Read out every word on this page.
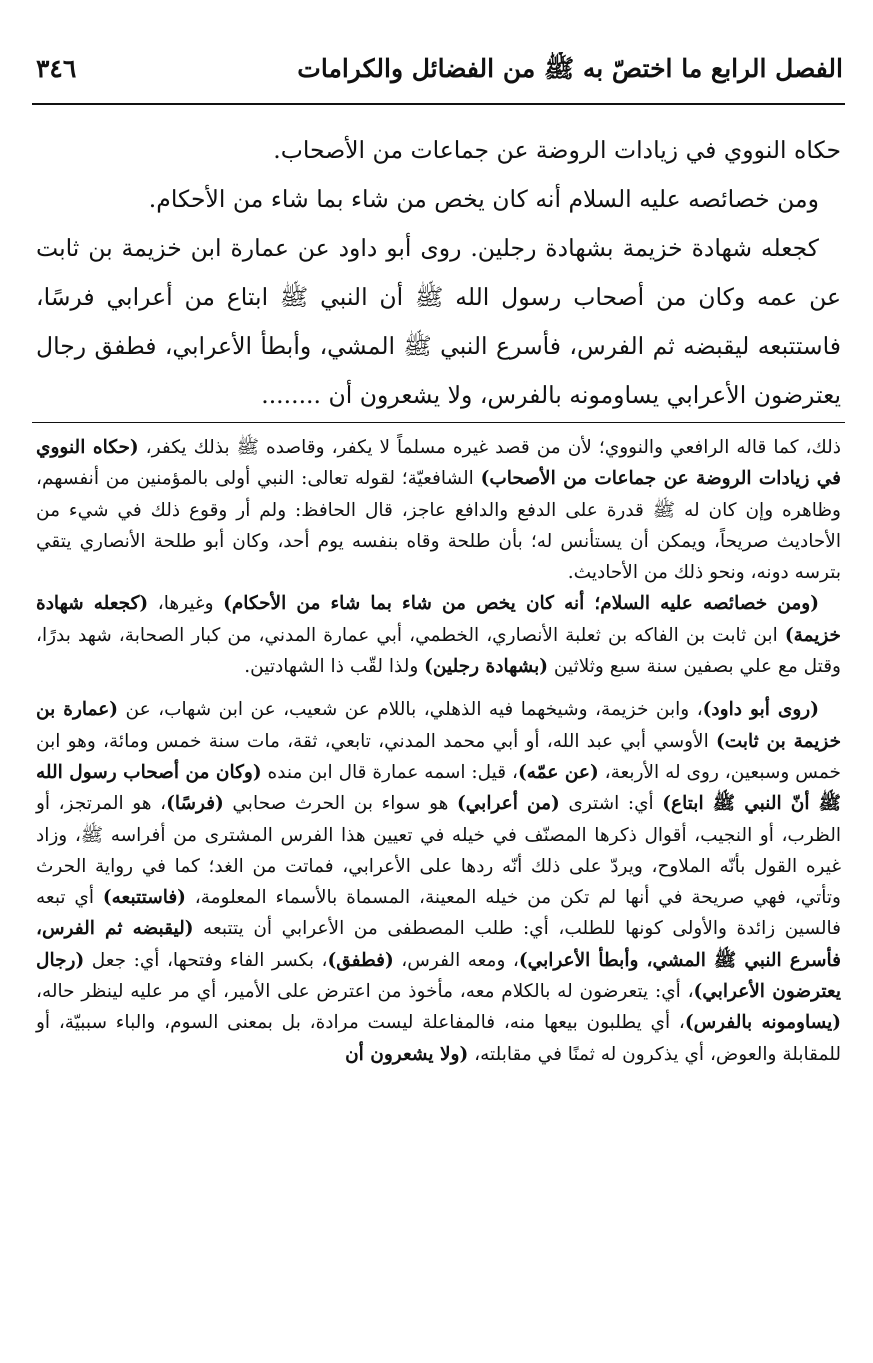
الفصل الرابع ما اختصّ به ﷺ من الفضائل والكرامات
٣٤٦

حكاه النووي في زيادات الروضة عن جماعات من الأصحاب.

ومن خصائصه عليه السلام أنه كان يخص من شاء بما شاء من الأحكام.

كجعله شهادة خزيمة بشهادة رجلين. روى أبو داود عن عمارة ابن خزيمة بن ثابت عن عمه وكان من أصحاب رسول الله ﷺ أن النبي ﷺ ابتاع من أعرابي فرسًا، فاستتبعه ليقبضه ثم الفرس، فأسرع النبي ﷺ المشي، وأبطأ الأعرابي، فطفق رجال يعترضون الأعرابي يساومونه بالفرس، ولا يشعرون أن ........

ذلك، كما قاله الرافعي والنووي؛ لأن من قصد غيره مسلماً لا يكفر، وقاصده ﷺ بذلك يكفر، (حكاه النووي في زيادات الروضة عن جماعات من الأصحاب) الشافعيّة؛ لقوله تعالى: النبي أولى بالمؤمنين من أنفسهم، وظاهره وإن كان له ﷺ قدرة على الدفع والدافع عاجز، قال الحافظ: ولم أر وقوع ذلك في شيء من الأحاديث صريحاً، ويمكن أن يستأنس له؛ بأن طلحة وقاه بنفسه يوم أحد، وكان أبو طلحة الأنصاري يتقي بترسه دونه، ونحو ذلك من الأحاديث.

(ومن خصائصه عليه السلام؛ أنه كان يخص من شاء بما شاء من الأحكام) وغيرها، (كجعله شهادة خزيمة) ابن ثابت بن الفاكه بن ثعلبة الأنصاري، الخطمي، أبي عمارة المدني، من كبار الصحابة، شهد بدرًا، وقتل مع علي بصفين سنة سبع وثلاثين (بشهادة رجلين) ولذا لقّب ذا الشهادتين.

(روى أبو داود)، وابن خزيمة، وشيخهما فيه الذهلي، باللام عن شعيب، عن ابن شهاب، عن (عمارة بن خزيمة بن ثابت) الأوسي أبي عبد الله، أو أبي محمد المدني، تابعي، ثقة، مات سنة خمس ومائة، وهو ابن خمس وسبعين، روى له الأربعة، (عن عمّه)، قيل: اسمه عمارة قال ابن منده (وكان من أصحاب رسول الله ﷺ أنّ النبي ﷺ ابتاع) أي: اشترى (من أعرابي) هو سواء بن الحرث صحابي (فرسًا)، هو المرتجز، أو الظرب، أو النجيب، أقوال ذكرها المصنّف في خيله في تعيين هذا الفرس المشترى من أفراسه ﷺ، وزاد غيره القول بأنّه الملاوح، ويردّ على ذلك أنّه ردها على الأعرابي، فماتت من الغد؛ كما في رواية الحرث وتأتي، فهي صريحة في أنها لم تكن من خيله المعينة، المسماة بالأسماء المعلومة، (فاستتبعه) أي تبعه فالسين زائدة والأولى كونها للطلب، أي: طلب المصطفى من الأعرابي أن يتتبعه (ليقبضه ثم الفرس، فأسرع النبي ﷺ المشي، وأبطأ الأعرابي)، ومعه الفرس، (فطفق)، بكسر الفاء وفتحها، أي: جعل (رجال يعترضون الأعرابي)، أي: يتعرضون له بالكلام معه، مأخوذ من اعترض على الأمير، أي مر عليه لينظر حاله، (يساومونه بالفرس)، أي يطلبون بيعها منه، فالمفاعلة ليست مرادة، بل بمعنى السوم، والباء سببيّة، أو للمقابلة والعوض، أي يذكرون له ثمنًا في مقابلته، (ولا يشعرون أن
